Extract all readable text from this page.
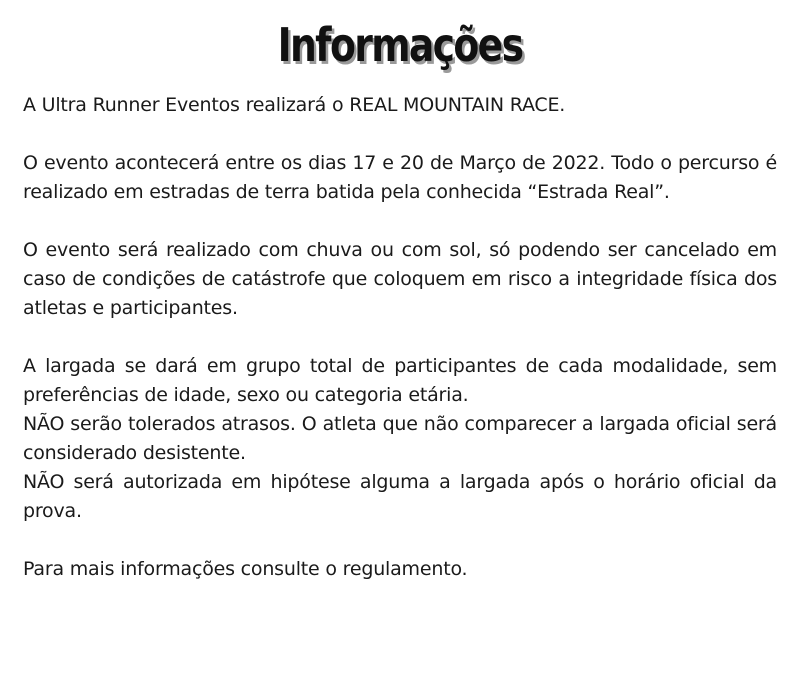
Informações

A Ultra Runner Eventos realizará o REAL MOUNTAIN RACE.

O evento acontecerá entre os dias 17 e 20 de Março de 2022. Todo o percurso é realizado em estradas de terra batida pela conhecida “Estrada Real”.

O evento será realizado com chuva ou com sol, só podendo ser cancelado em caso de condições de catástrofe que coloquem em risco a integridade física dos atletas e participantes.

A largada se dará em grupo total de participantes de cada modalidade, sem preferências de idade, sexo ou categoria etária.

NÃO serão tolerados atrasos. O atleta que não comparecer a largada oficial será considerado desistente.

NÃO será autorizada em hipótese alguma a largada após o horário oficial da prova.

Para mais informações consulte o regulamento.
